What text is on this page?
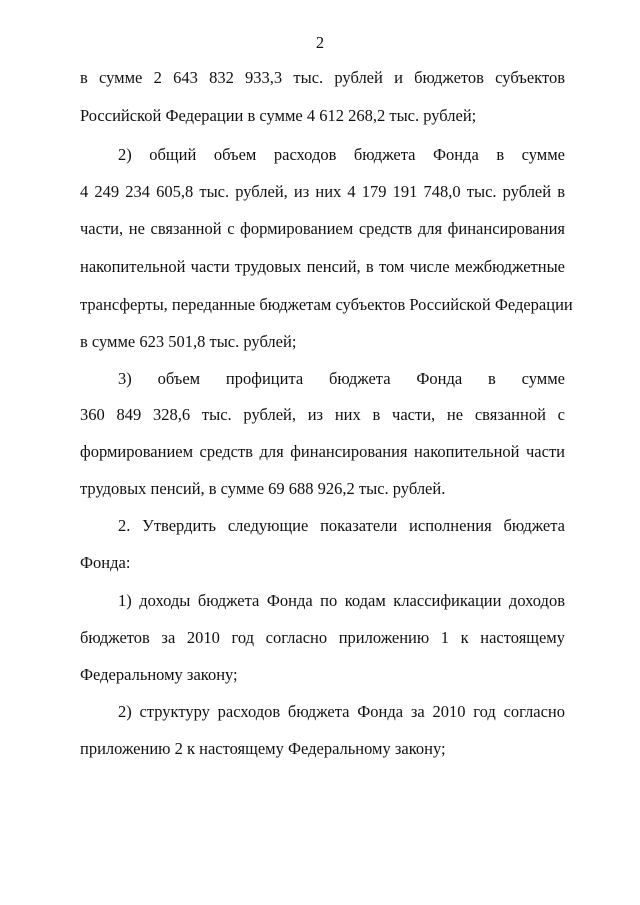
2
в сумме 2 643 832 933,3 тыс. рублей и бюджетов субъектов
Российской Федерации в сумме 4 612 268,2 тыс. рублей;
2) общий объем расходов бюджета Фонда в сумме
4 249 234 605,8 тыс. рублей, из них 4 179 191 748,0 тыс. рублей в
части, не связанной с формированием средств для финансирования
накопительной части трудовых пенсий, в том числе межбюджетные
трансферты, переданные бюджетам субъектов Российской Федерации
в сумме 623 501,8 тыс. рублей;
3) объем профицита бюджета Фонда в сумме
360 849 328,6 тыс. рублей, из них в части, не связанной с
формированием средств для финансирования накопительной части
трудовых пенсий, в сумме 69 688 926,2 тыс. рублей.
2. Утвердить следующие показатели исполнения бюджета
Фонда:
1) доходы бюджета Фонда по кодам классификации доходов
бюджетов за 2010 год согласно приложению 1 к настоящему
Федеральному закону;
2) структуру расходов бюджета Фонда за 2010 год согласно
приложению 2 к настоящему Федеральному закону;
